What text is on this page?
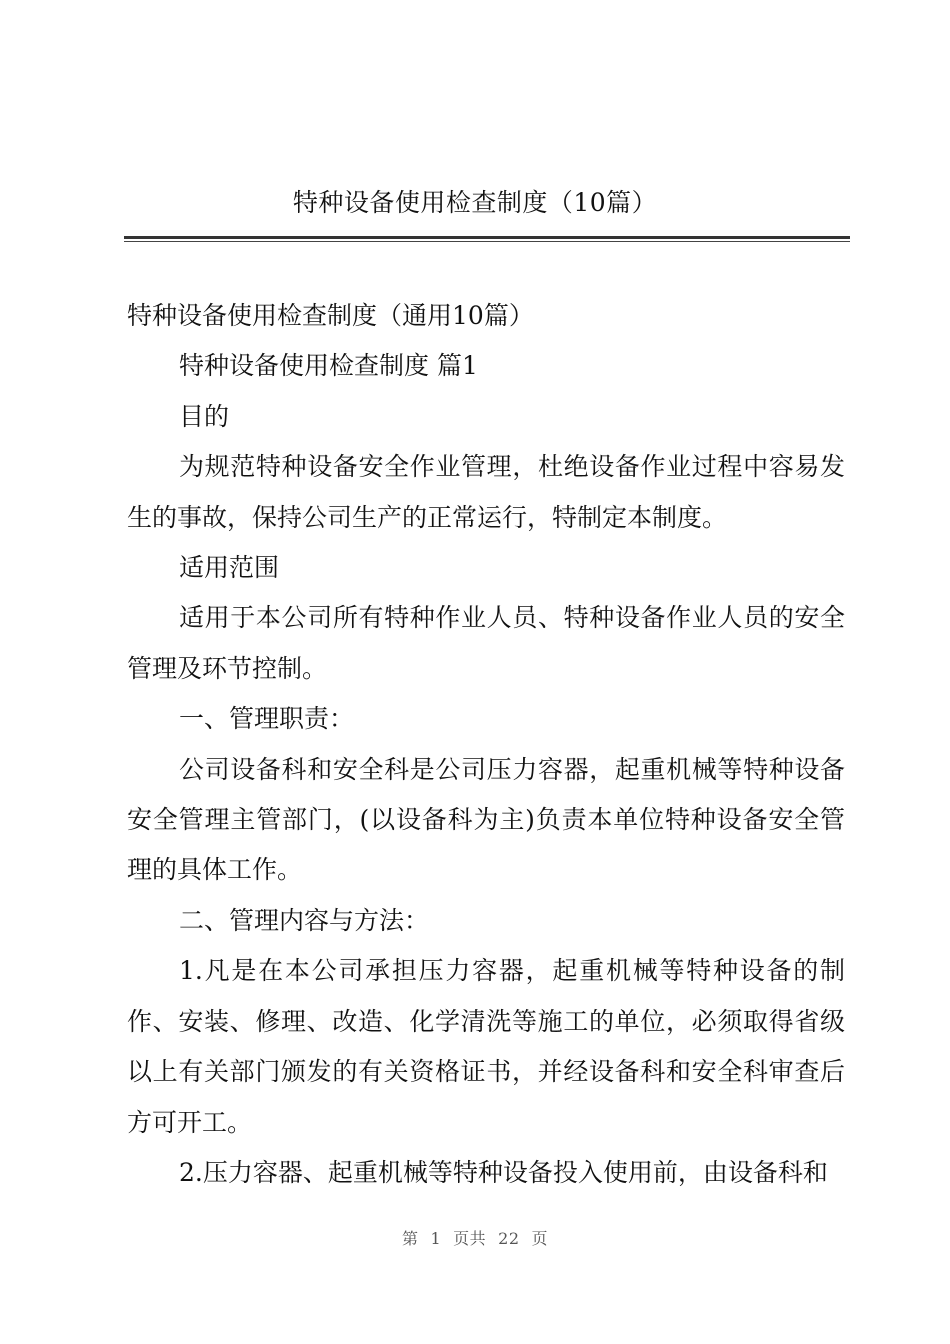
特种设备使用检查制度（10篇）

特种设备使用检查制度（通用10篇）

特种设备使用检查制度 篇1

目的

为规范特种设备安全作业管理，杜绝设备作业过程中容易发生的事故，保持公司生产的正常运行，特制定本制度。

适用范围

适用于本公司所有特种作业人员、特种设备作业人员的安全管理及环节控制。

一、管理职责：

公司设备科和安全科是公司压力容器，起重机械等特种设备安全管理主管部门，(以设备科为主)负责本单位特种设备安全管理的具体工作。

二、管理内容与方法：

1.凡是在本公司承担压力容器，起重机械等特种设备的制作、安装、修理、改造、化学清洗等施工的单位，必须取得省级以上有关部门颁发的有关资格证书，并经设备科和安全科审查后方可开工。

2.压力容器、起重机械等特种设备投入使用前，由设备科和

第 1 页共 22 页
